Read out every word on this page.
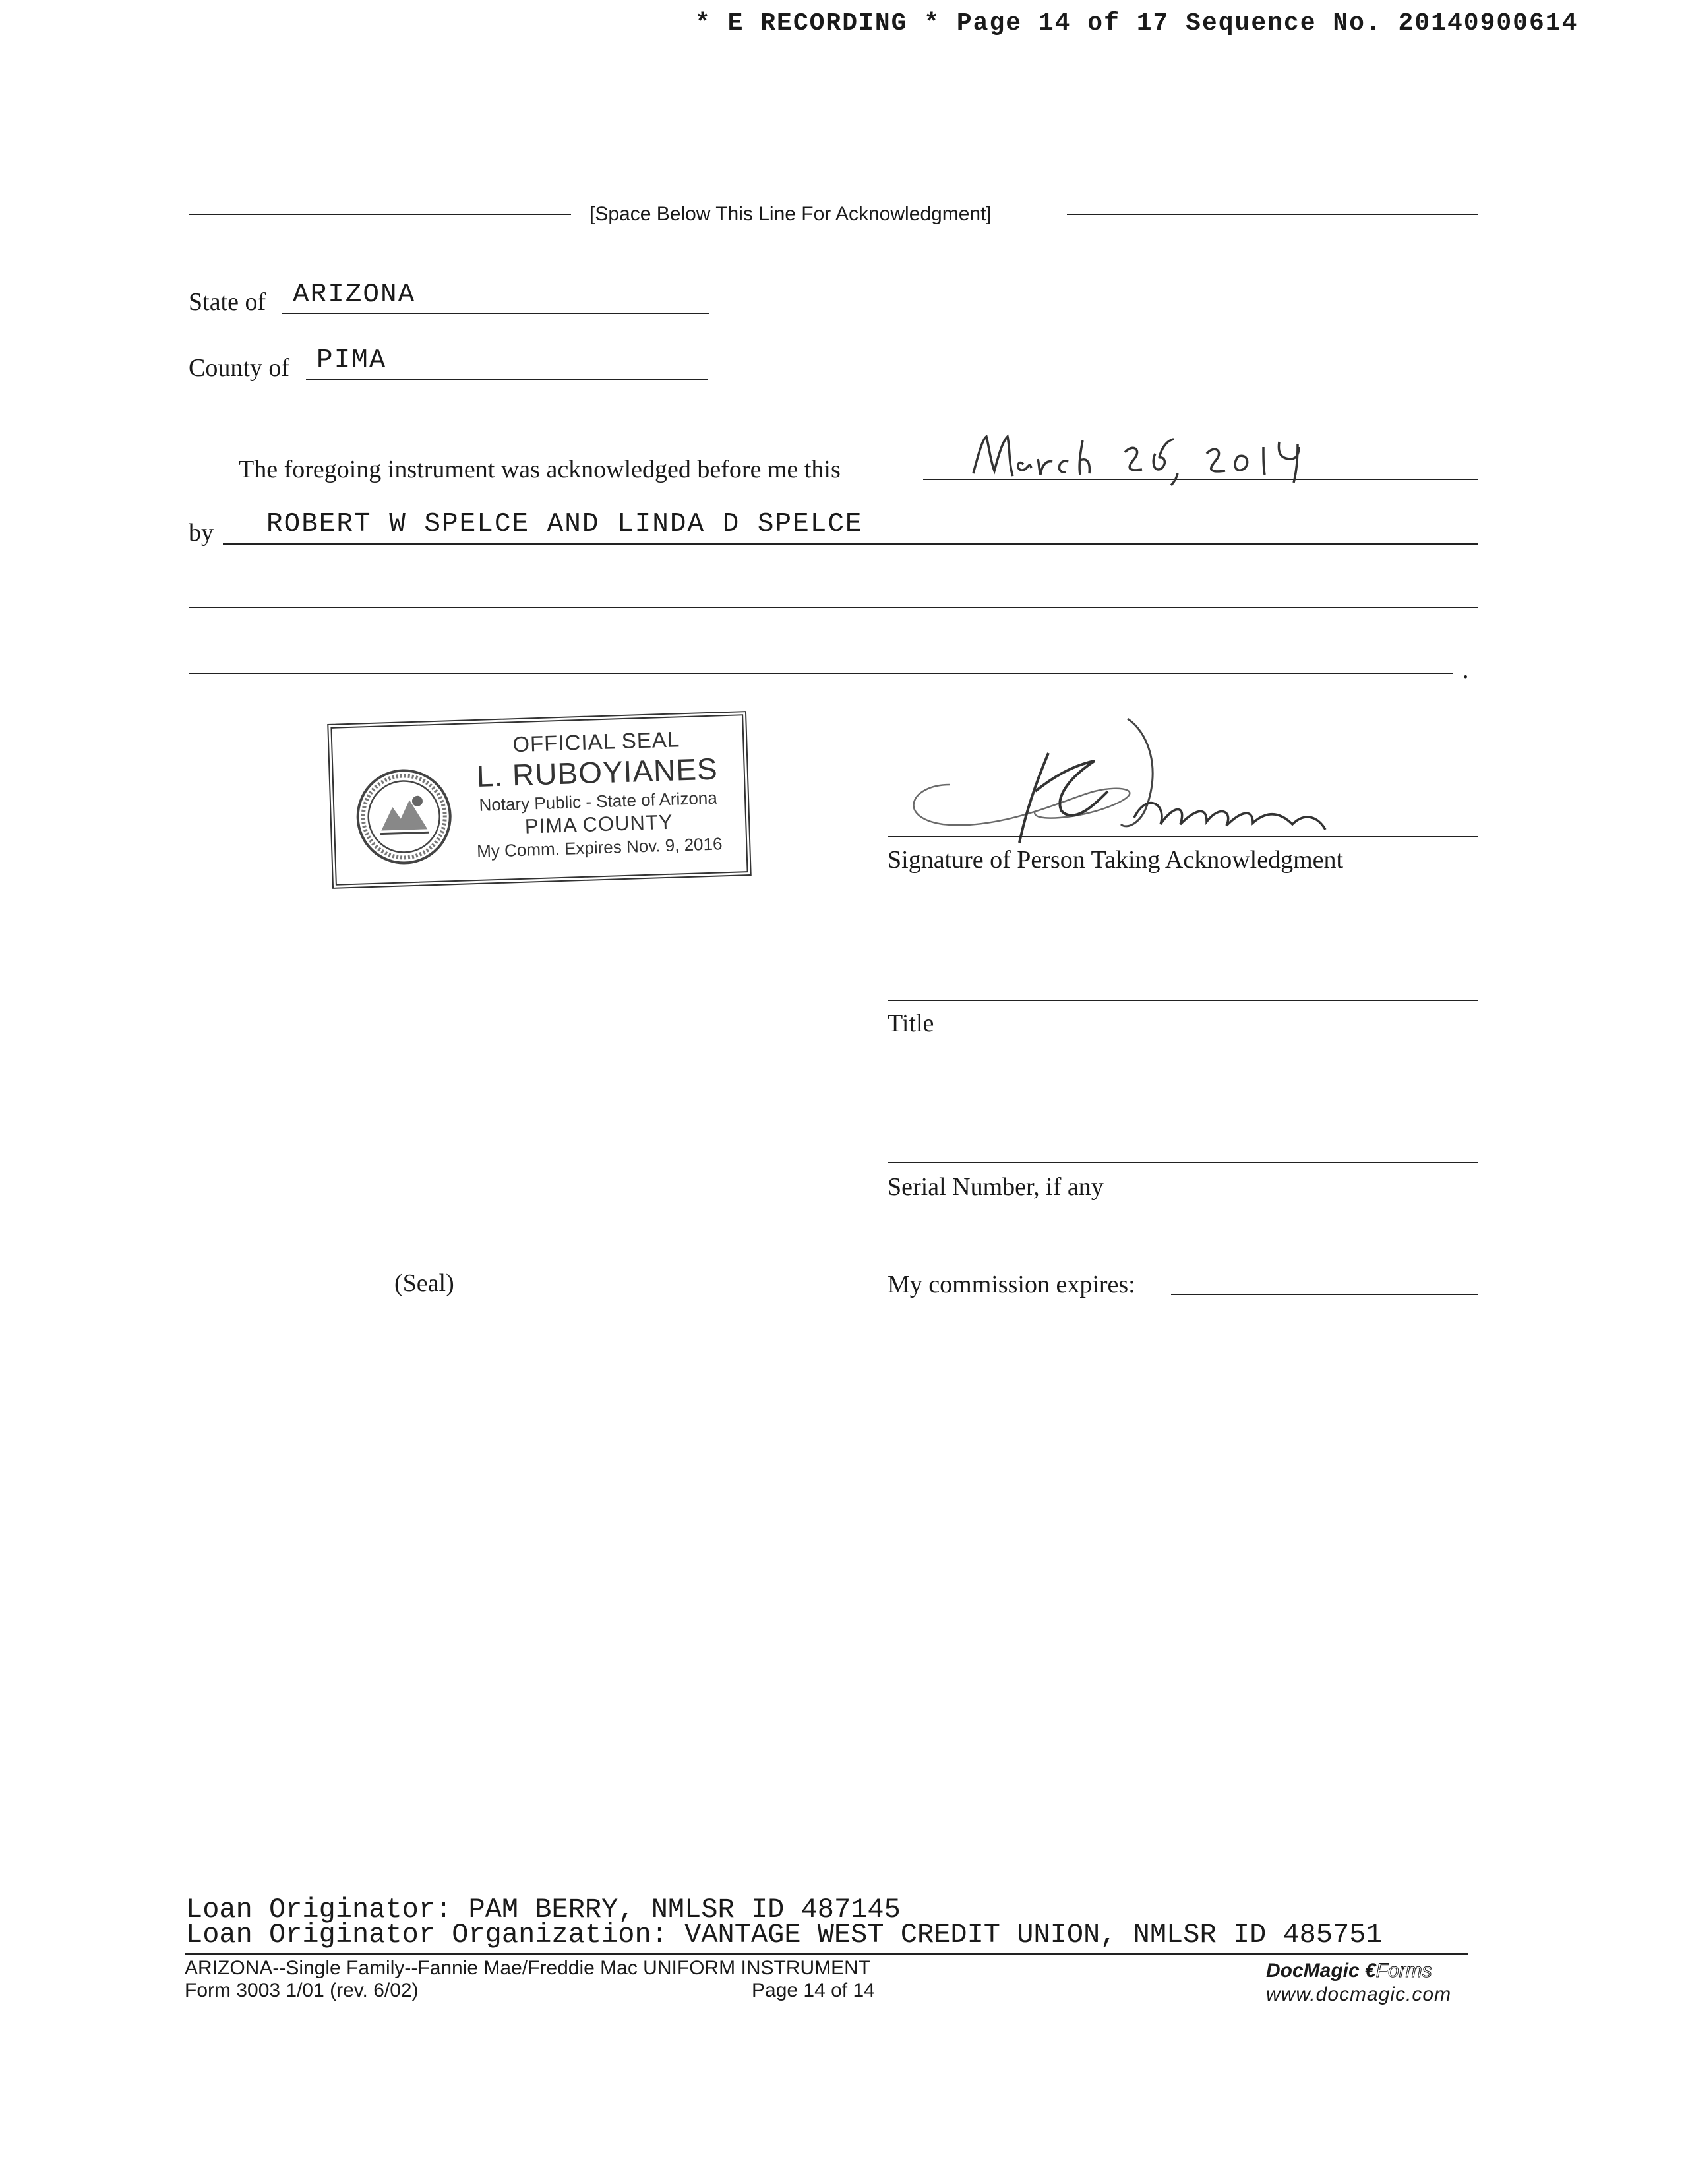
* E RECORDING * Page 14 of 17 Sequence No. 20140900614
[Space Below This Line For Acknowledgment]
State of ARIZONA
County of PIMA
The foregoing instrument was acknowledged before me this
by ROBERT W SPELCE AND LINDA D SPELCE
.
OFFICIAL SEAL
L. RUBOYIANES
Notary Public - State of Arizona
PIMA COUNTY
My Comm. Expires Nov. 9, 2016	Signature of Person Taking Acknowledgment
Title
Serial Number, if any
(Seal)	My commission expires:
Loan Originator: PAM BERRY, NMLSR ID 487145
Loan Originator Organization: VANTAGE WEST CREDIT UNION, NMLSR ID 485751
ARIZONA--Single Family--Fannie Mae/Freddie Mac UNIFORM INSTRUMENT
Form 3003 1/01 (rev. 6/02)	Page 14 of 14
DocMagic €Forms
www.docmagic.com
